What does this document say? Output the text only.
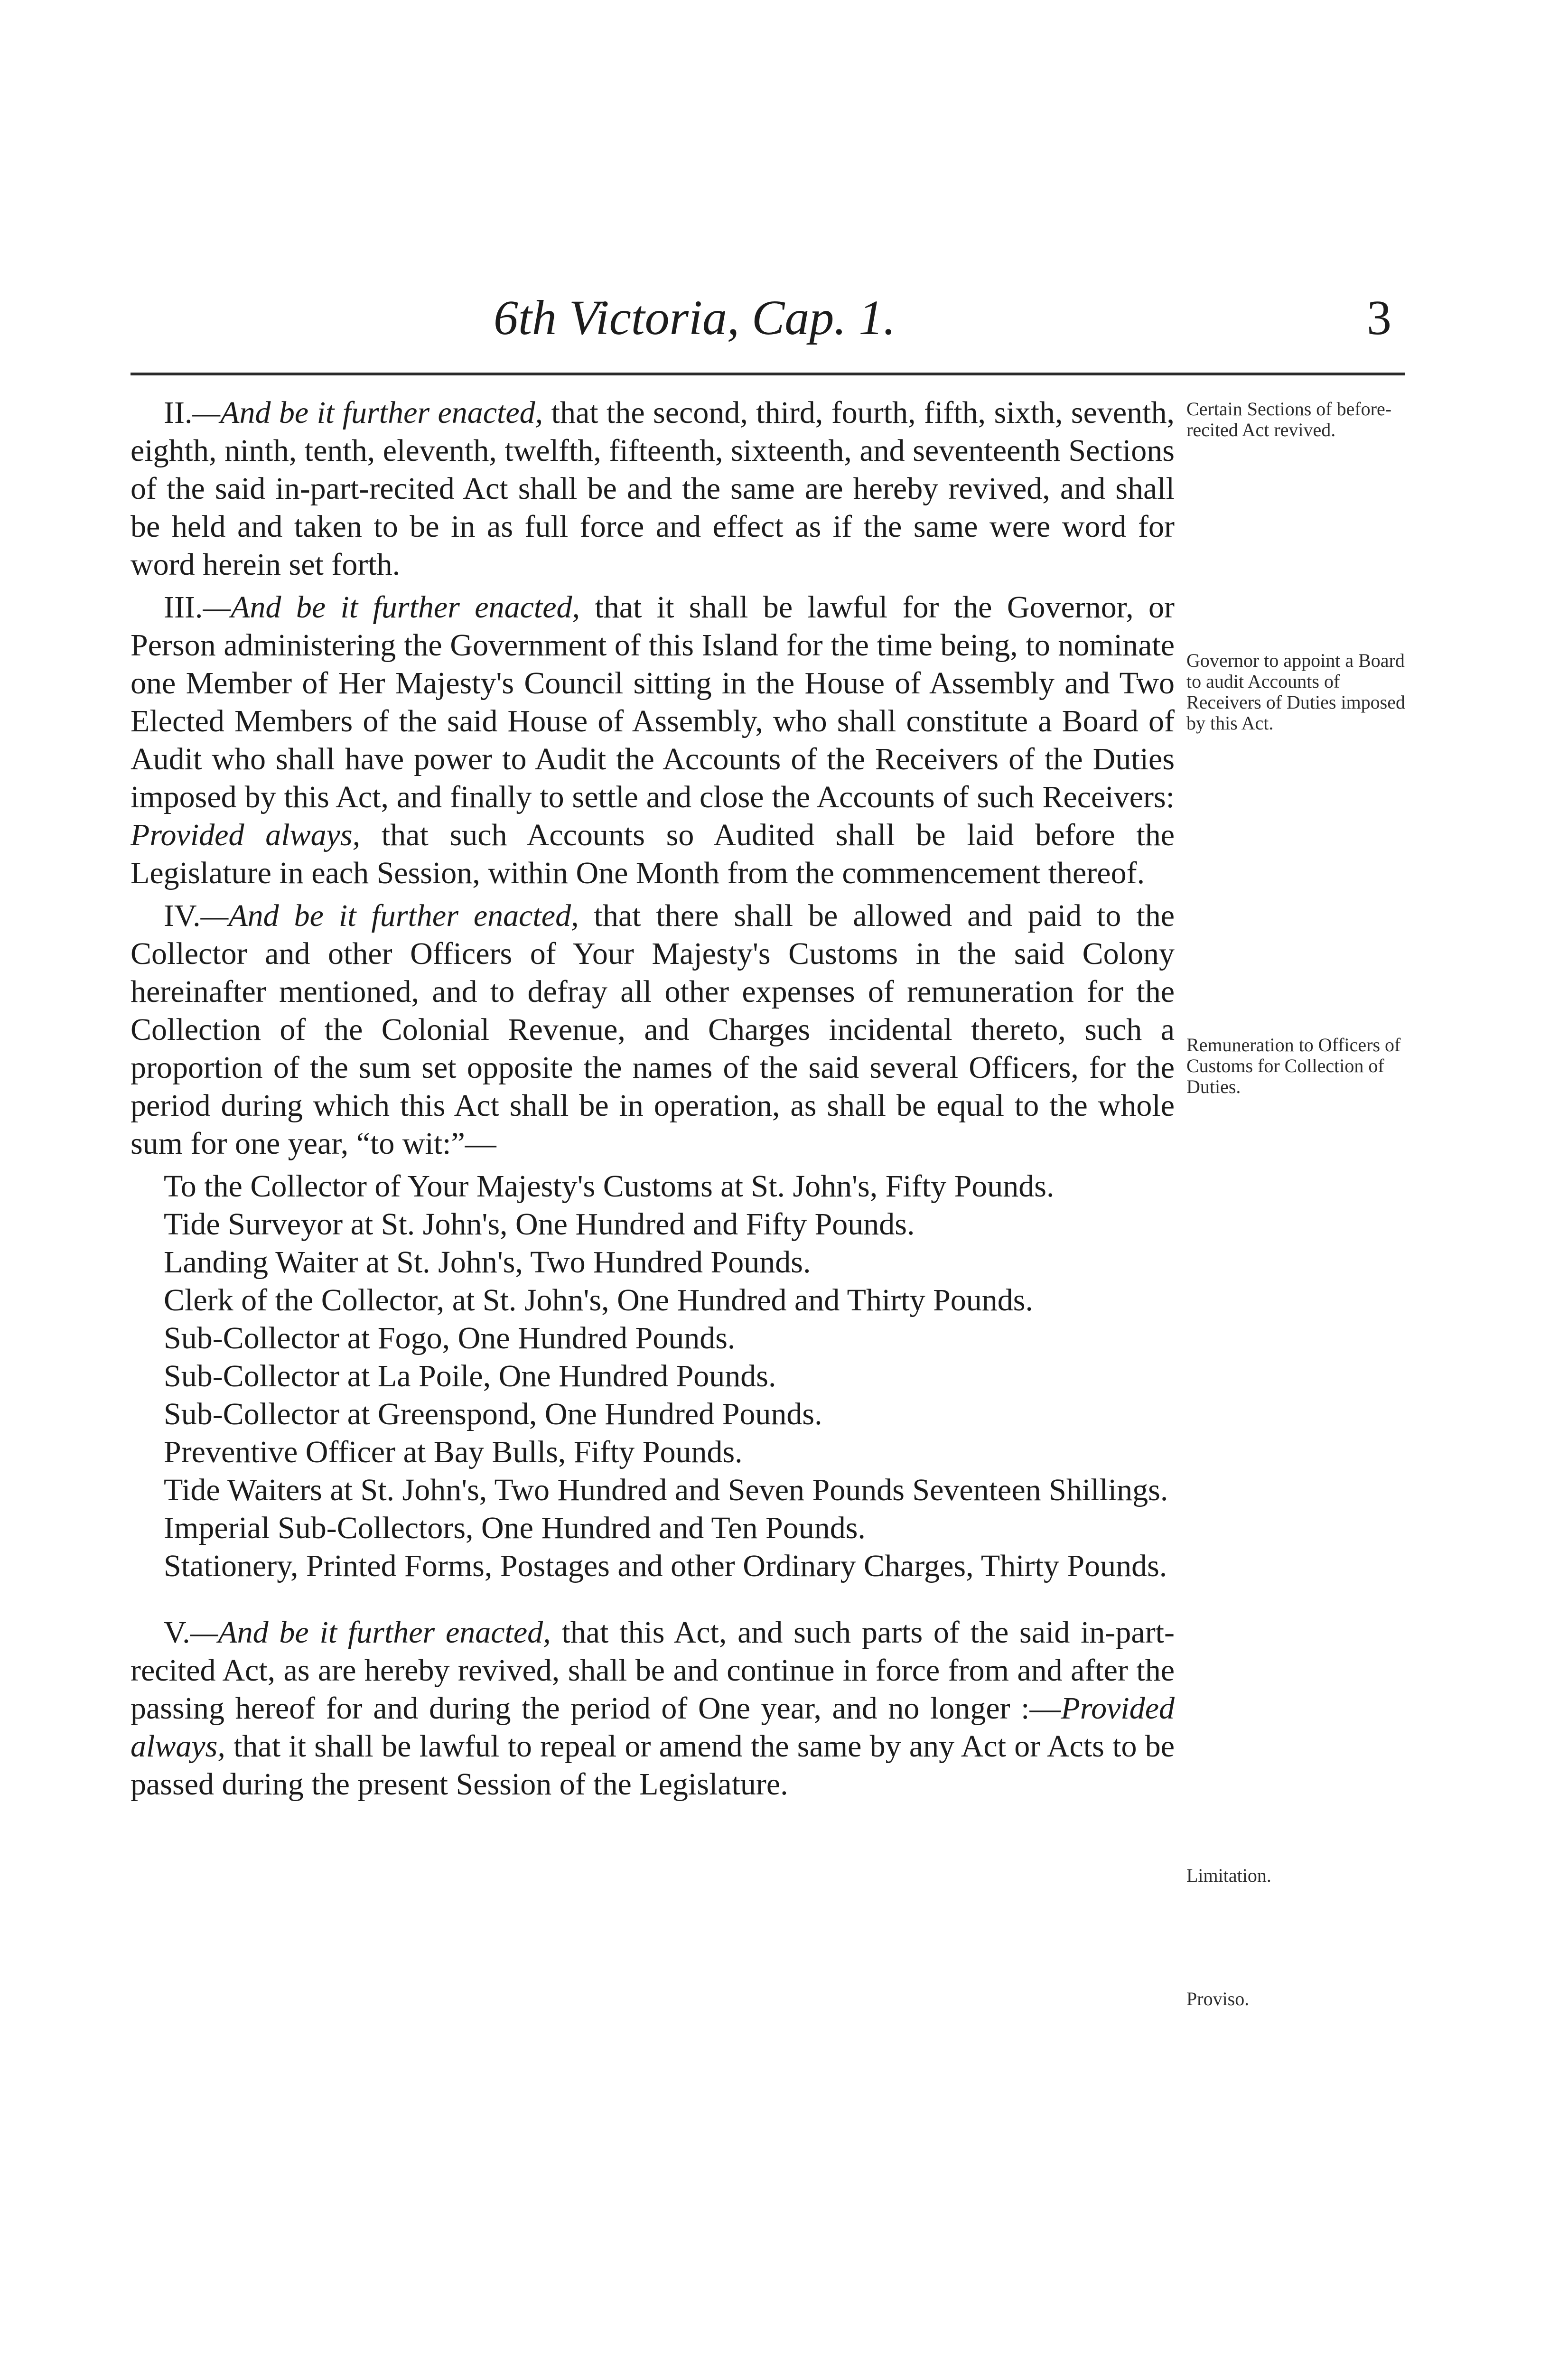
6th Victoria, Cap. 1.	3

II.—And be it further enacted, that the second, third, fourth, fifth, sixth, seventh, eighth, ninth, tenth, eleventh, twelfth, fifteenth, sixteenth, and seventeenth Sections of the said in-part-recited Act shall be and the same are hereby revived, and shall be held and taken to be in as full force and effect as if the same were word for word herein set forth.

III.—And be it further enacted, that it shall be lawful for the Governor, or Person administering the Government of this Island for the time being, to nominate one Member of Her Majesty's Council sitting in the House of Assembly and Two Elected Members of the said House of Assembly, who shall constitute a Board of Audit who shall have power to Audit the Accounts of the Receivers of the Duties imposed by this Act, and finally to settle and close the Accounts of such Receivers: Provided always, that such Accounts so Audited shall be laid before the Legislature in each Session, within One Month from the commencement thereof.

IV.—And be it further enacted, that there shall be allowed and paid to the Collector and other Officers of Your Majesty's Customs in the said Colony hereinafter mentioned, and to defray all other expenses of remuneration for the Collection of the Colonial Revenue, and Charges incidental thereto, such a proportion of the sum set opposite the names of the said several Officers, for the period during which this Act shall be in operation, as shall be equal to the whole sum for one year, “to wit:”—

To the Collector of Your Majesty's Customs at St. John's, Fifty Pounds.
Tide Surveyor at St. John's, One Hundred and Fifty Pounds.
Landing Waiter at St. John's, Two Hundred Pounds.
Clerk of the Collector, at St. John's, One Hundred and Thirty Pounds.
Sub-Collector at Fogo, One Hundred Pounds.
Sub-Collector at La Poile, One Hundred Pounds.
Sub-Collector at Greenspond, One Hundred Pounds.
Preventive Officer at Bay Bulls, Fifty Pounds.
Tide Waiters at St. John's, Two Hundred and Seven Pounds Seventeen Shillings.
Imperial Sub-Collectors, One Hundred and Ten Pounds.
Stationery, Printed Forms, Postages and other Ordinary Charges, Thirty Pounds.

V.—And be it further enacted, that this Act, and such parts of the said in-part-recited Act, as are hereby revived, shall be and continue in force from and after the passing hereof for and during the period of One year, and no longer :—Provided always, that it shall be lawful to repeal or amend the same by any Act or Acts to be passed during the present Session of the Legislature.

Certain Sections of before-recited Act revived.
Governor to appoint a Board to audit Accounts of Receivers of Duties imposed by this Act.
Remuneration to Officers of Customs for Collection of Duties.
Limitation.
Proviso.
